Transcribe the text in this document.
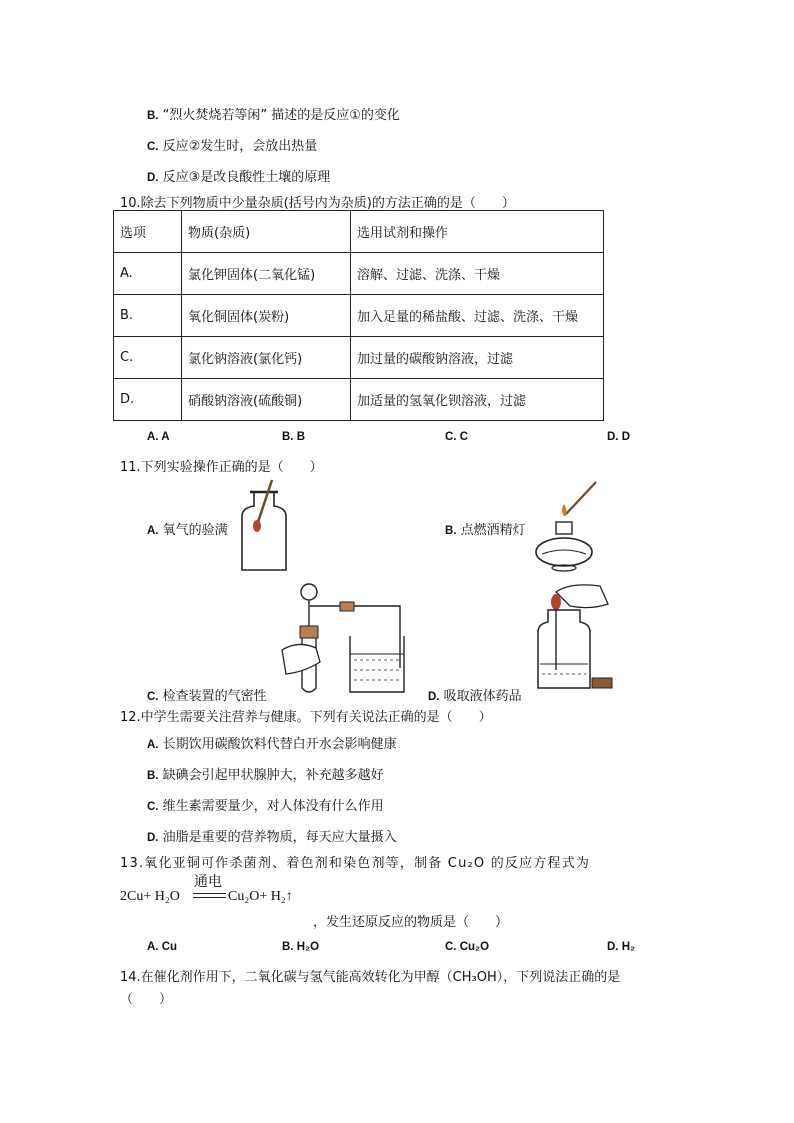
B. “烈火焚烧若等闲” 描述的是反应①的变化
C. 反应②发生时，会放出热量
D. 反应③是改良酸性土壤的原理
10.除去下列物质中少量杂质(括号内为杂质)的方法正确的是（　　）
选项	物质(杂质)	选用试剂和操作
A.	氯化钾固体(二氧化锰)	溶解、过滤、洗涤、干燥
B.	氧化铜固体(炭粉)	加入足量的稀盐酸、过滤、洗涤、干燥
C.	氯化钠溶液(氯化钙)	加过量的碳酸钠溶液，过滤
D.	硝酸钠溶液(硫酸铜)	加适量的氢氧化钡溶液，过滤
A. A	B. B	C. C	D. D
11.下列实验操作正确的是（　　）
A. 氧气的验满	B. 点燃酒精灯
C. 检查装置的气密性	D. 吸取液体药品
12.中学生需要关注营养与健康。下列有关说法正确的是（　　）
A. 长期饮用碳酸饮料代替白开水会影响健康
B. 缺碘会引起甲状腺肿大，补充越多越好
C. 维生素需要量少，对人体没有什么作用
D. 油脂是重要的营养物质，每天应大量摄入
13.氧化亚铜可作杀菌剂、着色剂和染色剂等，制备 Cu₂O 的反应方程式为
2Cu+ H₂O
通电
Cu₂O+ H₂↑
，发生还原反应的物质是（　　）
A. Cu	B. H₂O	C. Cu₂O	D. H₂
14.在催化剂作用下，二氧化碳与氢气能高效转化为甲醇（CH₃OH），下列说法正确的是
（　　）
